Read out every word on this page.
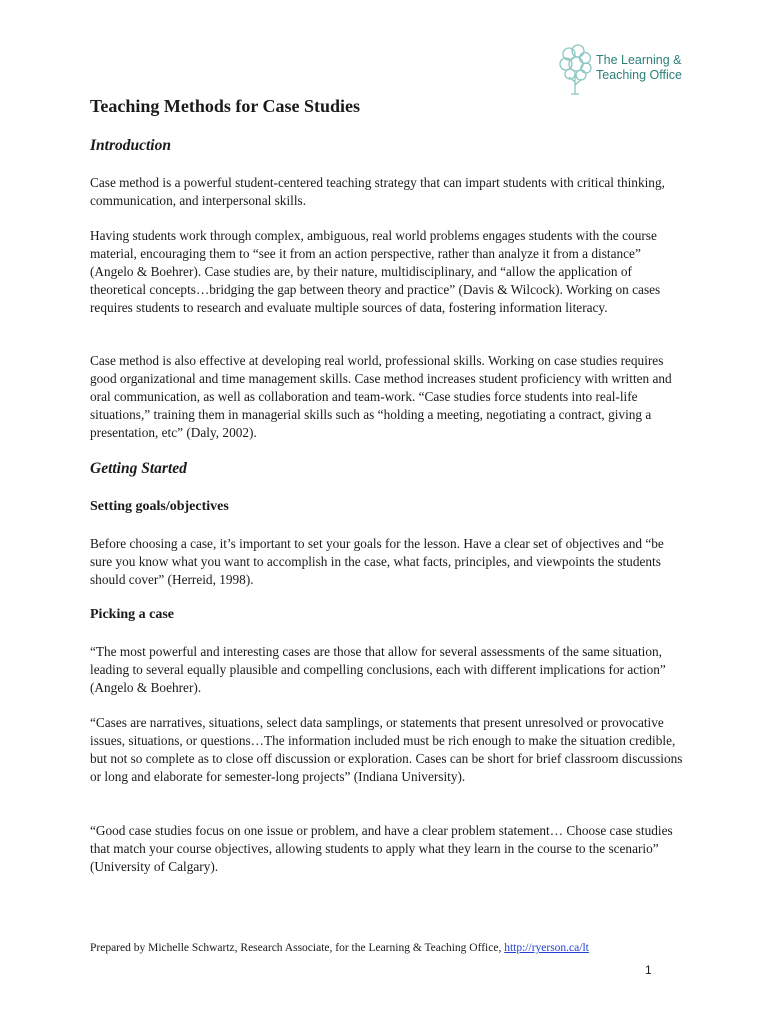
The Learning &
Teaching Office
Teaching Methods for Case Studies
Introduction

Case method is a powerful student-centered teaching strategy that can impart students with critical thinking, communication, and interpersonal skills.

Having students work through complex, ambiguous, real world problems engages students with the course material, encouraging them to “see it from an action perspective, rather than analyze it from a distance” (Angelo & Boehrer). Case studies are, by their nature, multidisciplinary, and “allow the application of theoretical concepts…bridging the gap between theory and practice” (Davis & Wilcock). Working on cases requires students to research and evaluate multiple sources of data, fostering information literacy.

Case method is also effective at developing real world, professional skills. Working on case studies requires good organizational and time management skills. Case method increases student proficiency with written and oral communication, as well as collaboration and team-work. “Case studies force students into real-life situations,” training them in managerial skills such as “holding a meeting, negotiating a contract, giving a presentation, etc” (Daly, 2002).

Getting Started
Setting goals/objectives

Before choosing a case, it’s important to set your goals for the lesson. Have a clear set of objectives and “be sure you know what you want to accomplish in the case, what facts, principles, and viewpoints the students should cover” (Herreid, 1998).

Picking a case

“The most powerful and interesting cases are those that allow for several assessments of the same situation, leading to several equally plausible and compelling conclusions, each with different implications for action” (Angelo & Boehrer).

“Cases are narratives, situations, select data samplings, or statements that present unresolved or provocative issues, situations, or questions…The information included must be rich enough to make the situation credible, but not so complete as to close off discussion or exploration. Cases can be short for brief classroom discussions or long and elaborate for semester-long projects” (Indiana University).

“Good case studies focus on one issue or problem, and have a clear problem statement… Choose case studies that match your course objectives, allowing students to apply what they learn in the course to the scenario” (University of Calgary).

Prepared by Michelle Schwartz, Research Associate, for the Learning & Teaching Office, http://ryerson.ca/lt
1
